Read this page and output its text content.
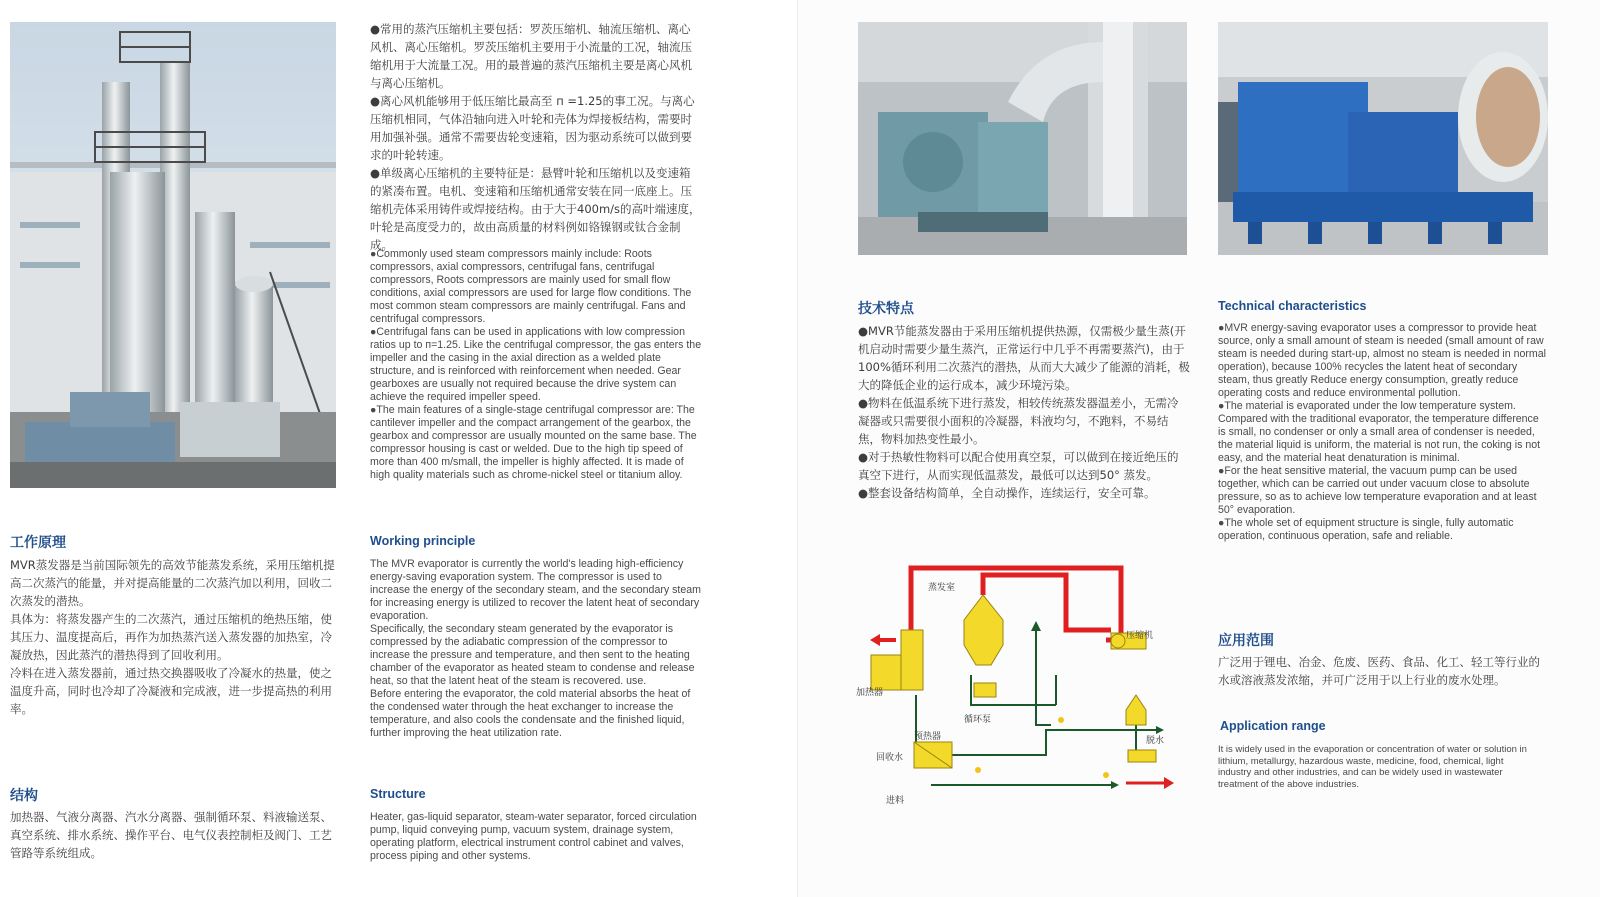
●常用的蒸汽压缩机主要包括：罗茨压缩机、轴流压缩机、离心风机、离心压缩机。罗茨压缩机主要用于小流量的工况，轴流压缩机用于大流量工况。用的最普遍的蒸汽压缩机主要是离心风机与离心压缩机。

●离心风机能够用于低压缩比最高至 п =1.25的事工况。与离心压缩机相同，气体沿轴向进入叶轮和壳体为焊接板结构，需要时用加强补强。通常不需要齿轮变速箱，因为驱动系统可以做到要求的叶轮转速。

●单级离心压缩机的主要特征是：悬臂叶轮和压缩机以及变速箱的紧凑布置。电机、变速箱和压缩机通常安装在同一底座上。压缩机壳体采用铸件或焊接结构。由于大于400m/s的高叶端速度，叶轮是高度受力的，故由高质量的材料例如铬镍钢或钛合金制成。

●Commonly used steam compressors mainly include: Roots compressors, axial compressors, centrifugal fans, centrifugal compressors, Roots compressors are mainly used for small flow conditions, axial compressors are used for large flow conditions. The most common steam compressors are mainly centrifugal. Fans and centrifugal compressors.

●Centrifugal fans can be used in applications with low compression ratios up to п=1.25. Like the centrifugal compressor, the gas enters the impeller and the casing in the axial direction as a welded plate structure, and is reinforced with reinforcement when needed. Gear gearboxes are usually not required because the drive system can achieve the required impeller speed.

●The main features of a single-stage centrifugal compressor are: The cantilever impeller and the compact arrangement of the gearbox, the gearbox and compressor are usually mounted on the same base. The compressor housing is cast or welded. Due to the high tip speed of more than 400 m/small, the impeller is highly affected. It is made of high quality materials such as chrome-nickel steel or titanium alloy.

工作原理

MVR蒸发器是当前国际领先的高效节能蒸发系统，采用压缩机提高二次蒸汽的能量，并对提高能量的二次蒸汽加以利用，回收二次蒸发的潜热。

具体为：将蒸发器产生的二次蒸汽，通过压缩机的绝热压缩，使其压力、温度提高后，再作为加热蒸汽送入蒸发器的加热室，冷凝放热，因此蒸汽的潜热得到了回收利用。

冷料在进入蒸发器前，通过热交换器吸收了冷凝水的热量，使之温度升高，同时也冷却了冷凝液和完成液，进一步提高热的利用率。

Working principle

The MVR evaporator is currently the world's leading high-efficiency energy-saving evaporation system. The compressor is used to increase the energy of the secondary steam, and the secondary steam for increasing energy is utilized to recover the latent heat of secondary evaporation.

Specifically, the secondary steam generated by the evaporator is compressed by the adiabatic compression of the compressor to increase the pressure and temperature, and then sent to the heating chamber of the evaporator as heated steam to condense and release heat, so that the latent heat of the steam is recovered. use.

Before entering the evaporator, the cold material absorbs the heat of the condensed water through the heat exchanger to increase the temperature, and also cools the condensate and the finished liquid, further improving the heat utilization rate.

结构
加热器、气液分离器、汽水分离器、强制循环泵、料液输送泵、真空系统、排水系统、操作平台、电气仪表控制柜及阀门、工艺管路等系统组成。
Structure
Heater, gas-liquid separator, steam-water separator, forced circulation pump, liquid conveying pump, vacuum system, drainage system, operating platform, electrical instrument control cabinet and valves, process piping and other systems.
技术特点

●MVR节能蒸发器由于采用压缩机提供热源，仅需极少量生蒸(开机启动时需要少量生蒸汽，正常运行中几乎不再需要蒸汽)，由于100%循环利用二次蒸汽的潜热，从而大大减少了能源的消耗，极大的降低企业的运行成本，减少环境污染。

●物料在低温系统下进行蒸发，相较传统蒸发器温差小，无需冷凝器或只需要很小面积的冷凝器，料液均匀，不跑料，不易结焦，物料加热变性最小。

●对于热敏性物料可以配合使用真空泵，可以做到在接近绝压的真空下进行，从而实现低温蒸发，最低可以达到50° 蒸发。

●整套设备结构简单，全自动操作，连续运行，安全可靠。

Technical characteristics

●MVR energy-saving evaporator uses a compressor to provide heat source, only a small amount of steam is needed (small amount of raw steam is needed during start-up, almost no steam is needed in normal operation), because 100% recycles the latent heat of secondary steam, thus greatly Reduce energy consumption, greatly reduce operating costs and reduce environmental pollution.

●The material is evaporated under the low temperature system. Compared with the traditional evaporator, the temperature difference is small, no condenser or only a small area of condenser is needed, the material liquid is uniform, the material is not run, the coking is not easy, and the material heat denaturation is minimal.

●For the heat sensitive material, the vacuum pump can be used together, which can be carried out under vacuum close to absolute pressure, so as to achieve low temperature evaporation and at least 50° evaporation.

●The whole set of equipment structure is single, fully automatic operation, continuous operation, safe and reliable.

蒸发室
压缩机
加热器
循环泵
预热器
回收水
脱水
进料
应用范围
广泛用于锂电、冶金、危废、医药、食品、化工、轻工等行业的水或溶液蒸发浓缩，并可广泛用于以上行业的废水处理。
Application range
It is widely used in the evaporation or concentration of water or solution in lithium, metallurgy, hazardous waste, medicine, food, chemical, light industry and other industries, and can be widely used in wastewater treatment of the above industries.
